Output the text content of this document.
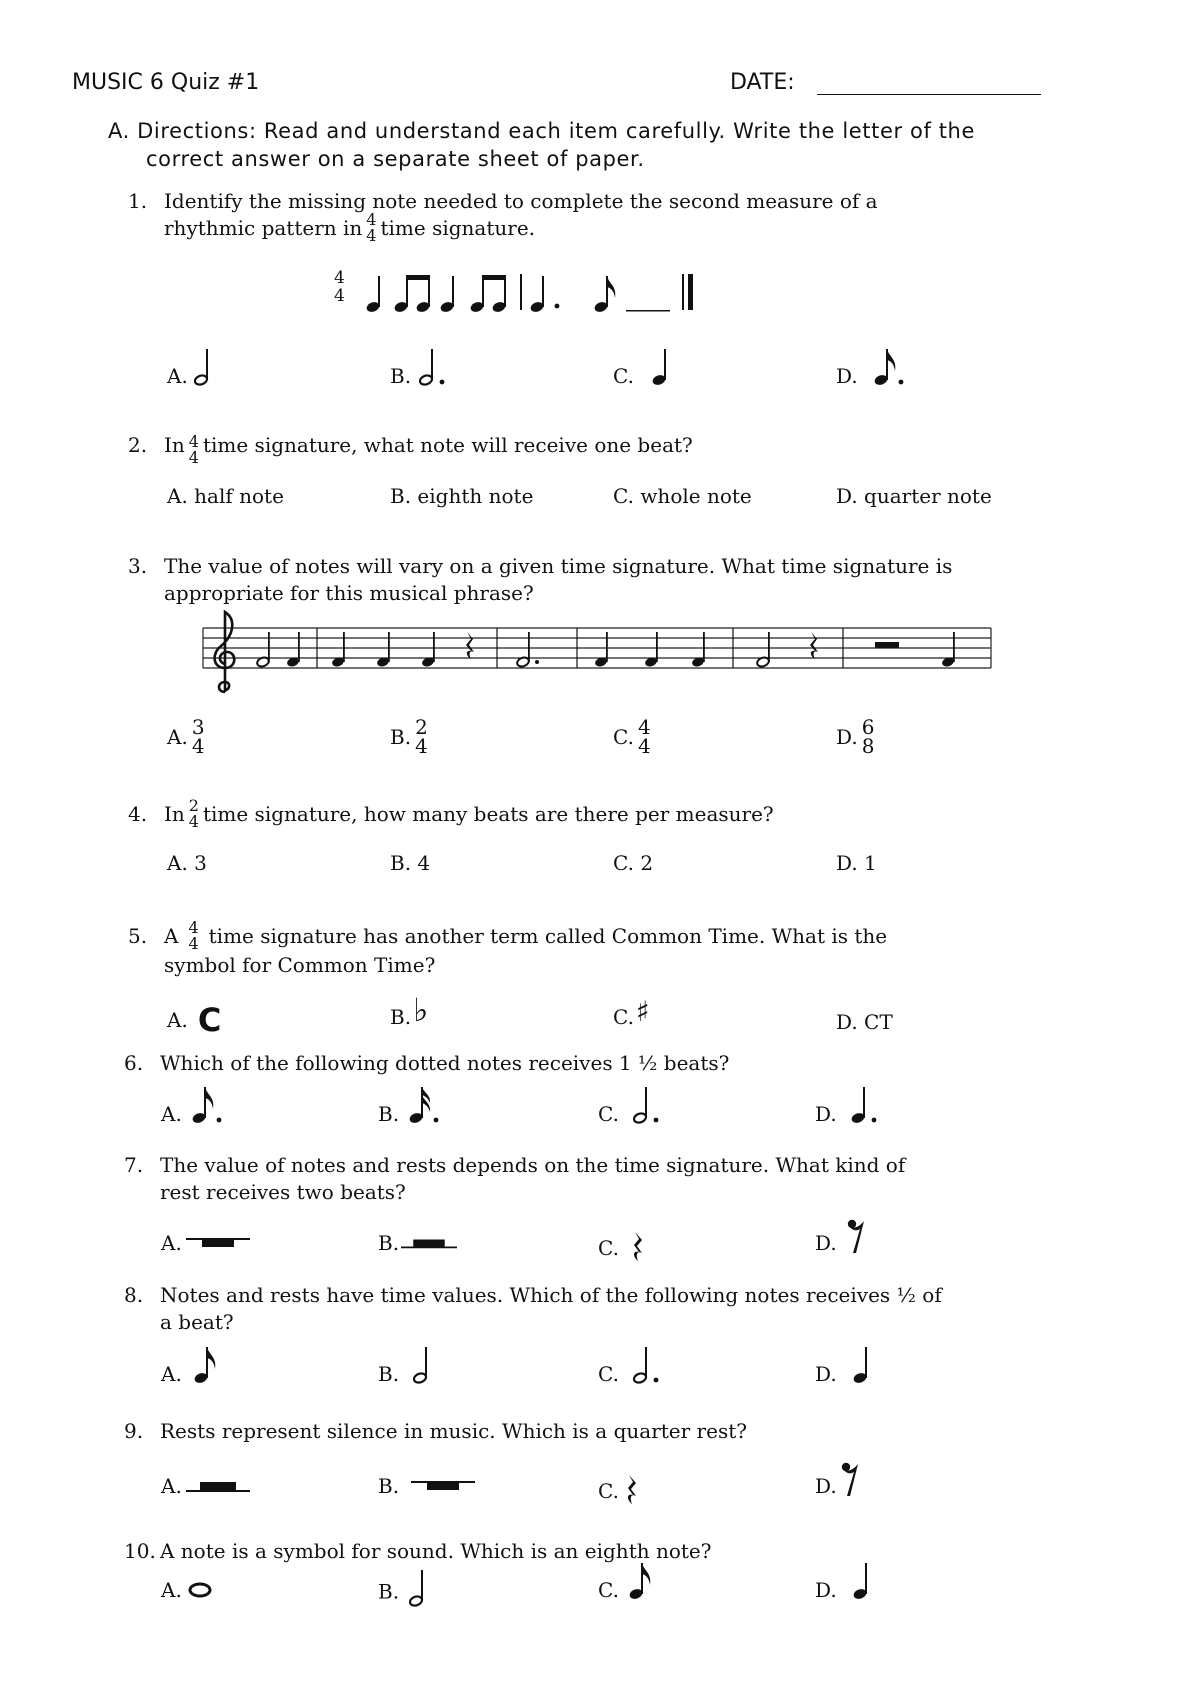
MUSIC 6 Quiz #1	DATE:
A. Directions: Read and understand each item carefully. Write the letter of the
correct answer on a separate sheet of paper.
1. Identify the missing note needed to complete the second measure of a
rhythmic pattern in 4
4 time signature.
4
4
A.	B.	C.	D.
2. In 4
4
time signature, what note will receive one beat?
A. half note	B. eighth note	C. whole note	D. quarter note
3. The value of notes will vary on a given time signature. What time signature is
appropriate for this musical phrase?
A. 3
4	B. 2
4	C. 4
4	D. 6
8
4. In 2
4 time signature, how many beats are there per measure?
A. 3	B. 4	C. 2	D. 1
5. A 4
4 time signature has another term called Common Time. What is the
symbol for Common Time?
A. C	B. ♭	C. ♯	D. CT
6. Which of the following dotted notes receives 1 ½ beats?
A.	B.	C.	D.
7. The value of notes and rests depends on the time signature. What kind of
rest receives two beats?
A.	B.	C.	D.
8. Notes and rests have time values. Which of the following notes receives ½ of
a beat?
A.	B.	C.	D.
9. Rests represent silence in music. Which is a quarter rest?
A.	B.	C.	D.
10. A note is a symbol for sound. Which is an eighth note?
A.	B.	C.	D.
